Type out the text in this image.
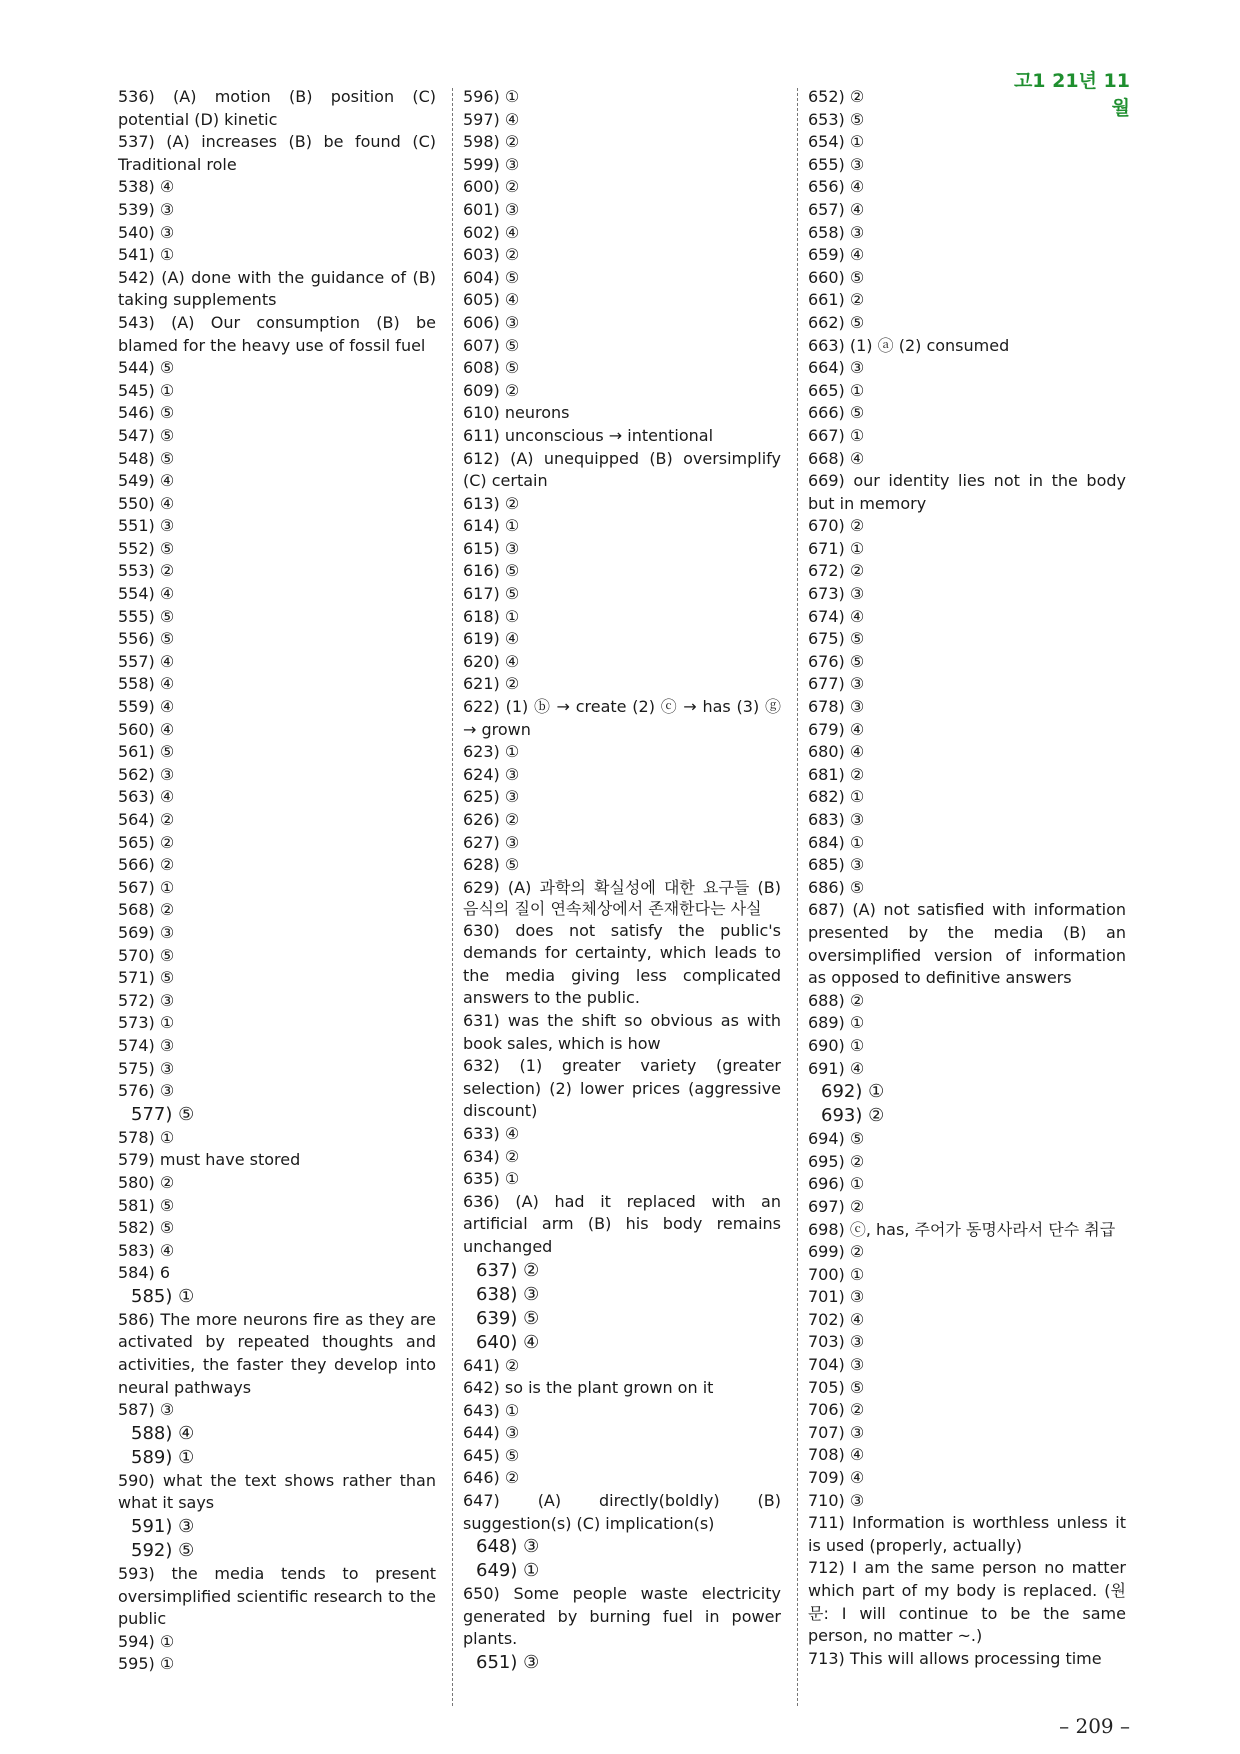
고1 21년 11월
536) (A) motion (B) position (C) potential (D) kinetic
537) (A) increases (B) be found (C) Traditional role
538) ④
539) ③
540) ③
541) ①
542) (A) done with the guidance of (B) taking supplements
543) (A) Our consumption (B) be blamed for the heavy use of fossil fuel
544) ⑤
545) ①
546) ⑤
547) ⑤
548) ⑤
549) ④
550) ④
551) ③
552) ⑤
553) ②
554) ④
555) ⑤
556) ⑤
557) ④
558) ④
559) ④
560) ④
561) ⑤
562) ③
563) ④
564) ②
565) ②
566) ②
567) ①
568) ②
569) ③
570) ⑤
571) ⑤
572) ③
573) ①
574) ③
575) ③
576) ③
577) ⑤
578) ①
579) must have stored
580) ②
581) ⑤
582) ⑤
583) ④
584) 6
585) ①
586) The more neurons fire as they are activated by repeated thoughts and activities, the faster they develop into neural pathways
587) ③
588) ④
589) ①
590) what the text shows rather than what it says
591) ③
592) ⑤
593) the media tends to present oversimplified scientific research to the public
594) ①
595) ①
596) ①
597) ④
598) ②
599) ③
600) ②
601) ③
602) ④
603) ②
604) ⑤
605) ④
606) ③
607) ⑤
608) ⑤
609) ②
610) neurons
611) unconscious → intentional
612) (A) unequipped (B) oversimplify (C) certain
613) ②
614) ①
615) ③
616) ⑤
617) ⑤
618) ①
619) ④
620) ④
621) ②
622) (1) ⓑ → create (2) ⓒ → has (3) ⓖ → grown
623) ①
624) ③
625) ③
626) ②
627) ③
628) ⑤
629) (A) 과학의 확실성에 대한 요구들 (B) 음식의 질이 연속체상에서 존재한다는 사실
630) does not satisfy the public's demands for certainty, which leads to the media giving less complicated answers to the public.
631) was the shift so obvious as with book sales, which is how
632) (1) greater variety (greater selection) (2) lower prices (aggressive discount)
633) ④
634) ②
635) ①
636) (A) had it replaced with an artificial arm (B) his body remains unchanged
637) ②
638) ③
639) ⑤
640) ④
641) ②
642) so is the plant grown on it
643) ①
644) ③
645) ⑤
646) ②
647) (A) directly(boldly) (B) suggestion(s) (C) implication(s)
648) ③
649) ①
650) Some people waste electricity generated by burning fuel in power plants.
651) ③
652) ②
653) ⑤
654) ①
655) ③
656) ④
657) ④
658) ③
659) ④
660) ⑤
661) ②
662) ⑤
663) (1) ⓐ (2) consumed
664) ③
665) ①
666) ⑤
667) ①
668) ④
669) our identity lies not in the body but in memory
670) ②
671) ①
672) ②
673) ③
674) ④
675) ⑤
676) ⑤
677) ③
678) ③
679) ④
680) ④
681) ②
682) ①
683) ③
684) ①
685) ③
686) ⑤
687) (A) not satisfied with information presented by the media (B) an oversimplified version of information as opposed to definitive answers
688) ②
689) ①
690) ①
691) ④
692) ①
693) ②
694) ⑤
695) ②
696) ①
697) ②
698) ⓒ, has, 주어가 동명사라서 단수 취급
699) ②
700) ①
701) ③
702) ④
703) ③
704) ③
705) ⑤
706) ②
707) ③
708) ④
709) ④
710) ③
711) Information is worthless unless it is used (properly, actually)
712) I am the same person no matter which part of my body is replaced. (원문: I will continue to be the same person, no matter ~.)
713) This will allows processing time
– 209 –
